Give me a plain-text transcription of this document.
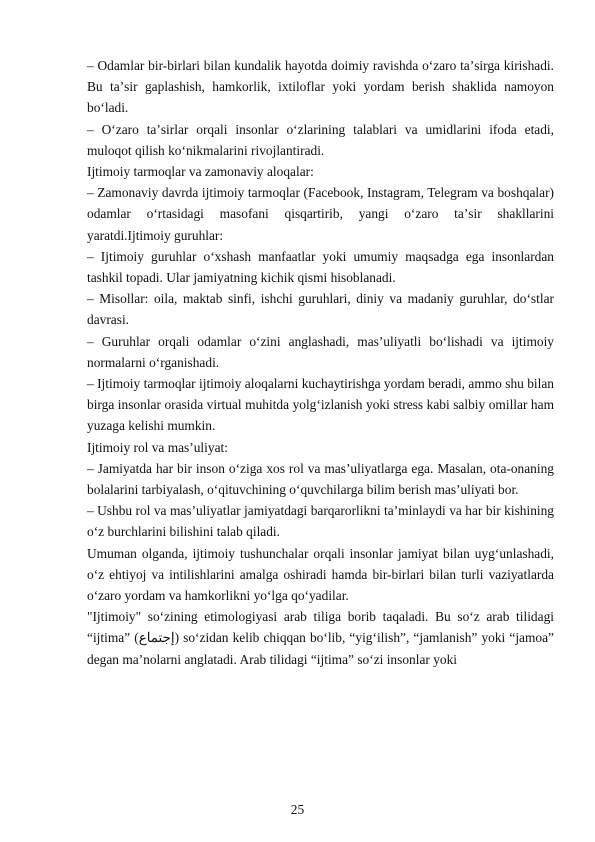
– Odamlar bir-birlari bilan kundalik hayotda doimiy ravishda oʻzaro taʼsirga kirishadi. Bu taʼsir gaplashish, hamkorlik, ixtiloflar yoki yordam berish shaklida namoyon boʻladi.

– Oʻzaro taʼsirlar orqali insonlar oʻzlarining talablari va umidlarini ifoda etadi, muloqot qilish koʻnikmalarini rivojlantiradi.

Ijtimoiy tarmoqlar va zamonaviy aloqalar:

– Zamonaviy davrda ijtimoiy tarmoqlar (Facebook, Instagram, Telegram va boshqalar) odamlar oʻrtasidagi masofani qisqartirib, yangi oʻzaro taʼsir shakllarini yaratdi.Ijtimoiy guruhlar:

– Ijtimoiy guruhlar oʻxshash manfaatlar yoki umumiy maqsadga ega insonlardan tashkil topadi. Ular jamiyatning kichik qismi hisoblanadi.

– Misollar: oila, maktab sinfi, ishchi guruhlari, diniy va madaniy guruhlar, doʻstlar davrasi.

– Guruhlar orqali odamlar oʻzini anglashadi, mas’uliyatli boʻlishadi va ijtimoiy normalarni oʻrganishadi.

– Ijtimoiy tarmoqlar ijtimoiy aloqalarni kuchaytirishga yordam beradi, ammo shu bilan birga insonlar orasida virtual muhitda yolgʻizlanish yoki stress kabi salbiy omillar ham yuzaga kelishi mumkin.

Ijtimoiy rol va mas’uliyat:

– Jamiyatda har bir inson oʻziga xos rol va mas’uliyatlarga ega. Masalan, ota-onaning bolalarini tarbiyalash, oʻqituvchining oʻquvchilarga bilim berish mas’uliyati bor.

– Ushbu rol va mas’uliyatlar jamiyatdagi barqarorlikni taʼminlaydi va har bir kishining oʻz burchlarini bilishini talab qiladi.

Umuman olganda, ijtimoiy tushunchalar orqali insonlar jamiyat bilan uygʻunlashadi, oʻz ehtiyoj va intilishlarini amalga oshiradi hamda bir-birlari bilan turli vaziyatlarda oʻzaro yordam va hamkorlikni yoʻlga qoʻyadilar.

"Ijtimoiy" soʻzining etimologiyasi arab tiliga borib taqaladi. Bu soʻz arab tilidagi “ijtima” (إجتماع) soʻzidan kelib chiqqan boʻlib, “yigʻilish”, “jamlanish” yoki “jamoa” degan maʼnolarni anglatadi. Arab tilidagi “ijtima” soʻzi insonlar yoki

25
